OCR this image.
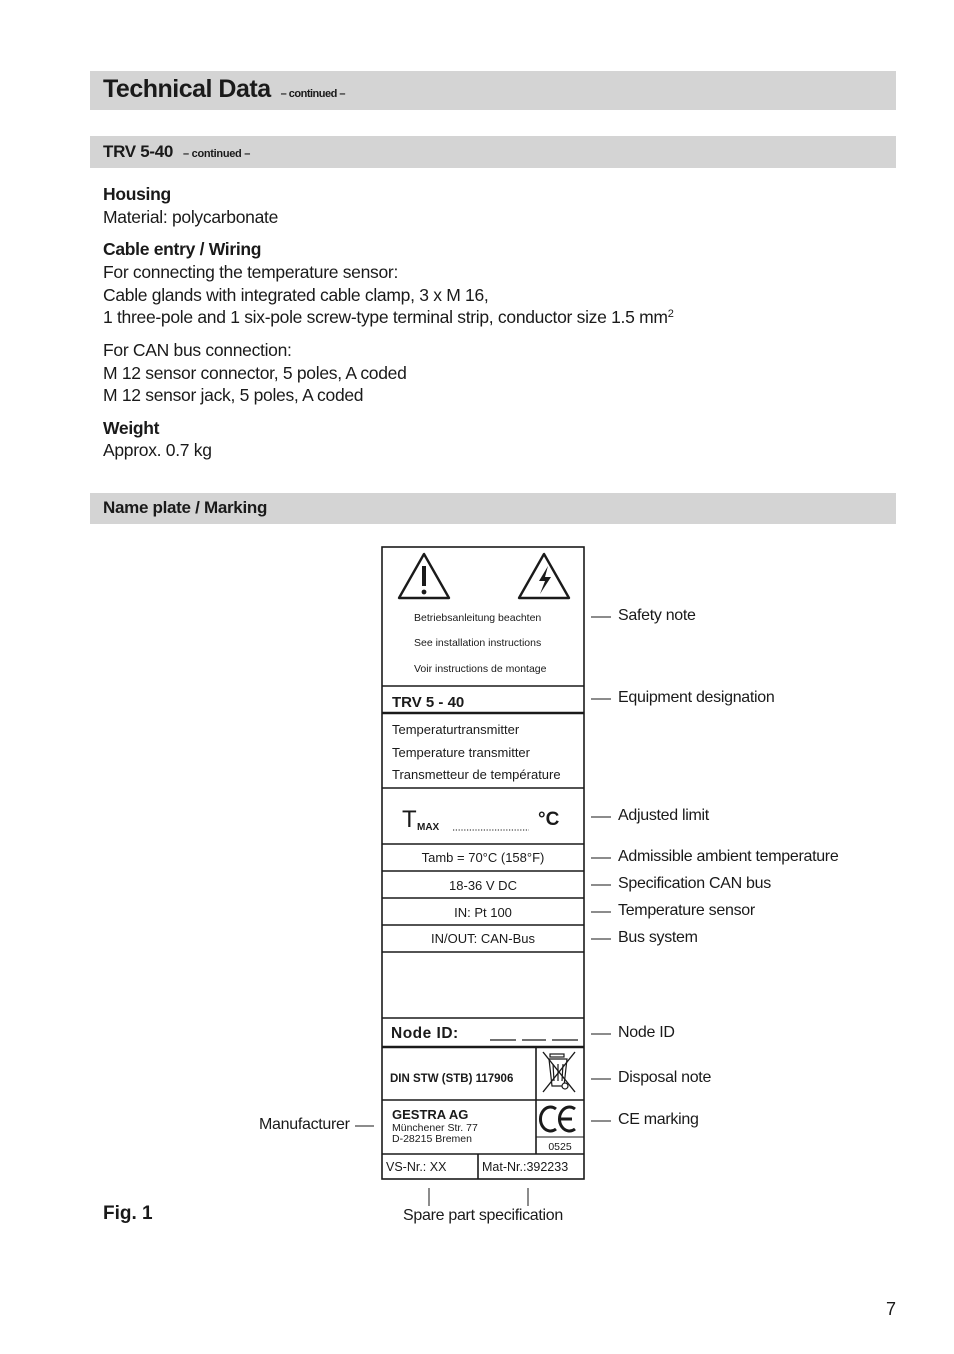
Technical Data – continued –
TRV 5-40 – continued –
Housing
Material: polycarbonate
Cable entry / Wiring
For connecting the temperature sensor:
Cable glands with integrated cable clamp, 3 x M 16,
1 three-pole and 1 six-pole screw-type terminal strip, conductor size 1.5 $mm^2$
For CAN bus connection:
M 12 sensor connector, 5 poles, A coded
M 12 sensor jack, 5 poles, A coded
Weight
Approx. 0.7 kg
Name plate / Marking
Betriebsanleitung beachten
See installation instructions
Voir instructions de montage
TRV 5 - 40
Temperaturtransmitter
Temperature transmitter
Transmetteur de température
T MAX	°C
Tamb = 70°C (158°F)
18-36 V DC
IN: Pt 100
IN/OUT: CAN-Bus
Node ID:
DIN STW (STB) 117906
GESTRA AG
Münchener Str. 77
D-28215 Bremen
0525
VS-Nr.: XX	Mat-Nr.:392233
Safety note
Equipment designation
Adjusted limit
Admissible ambient temperature
Specification CAN bus
Temperature sensor
Bus system
Node ID
Disposal note
CE marking
Manufacturer
Spare part specification
Fig. 1
7
